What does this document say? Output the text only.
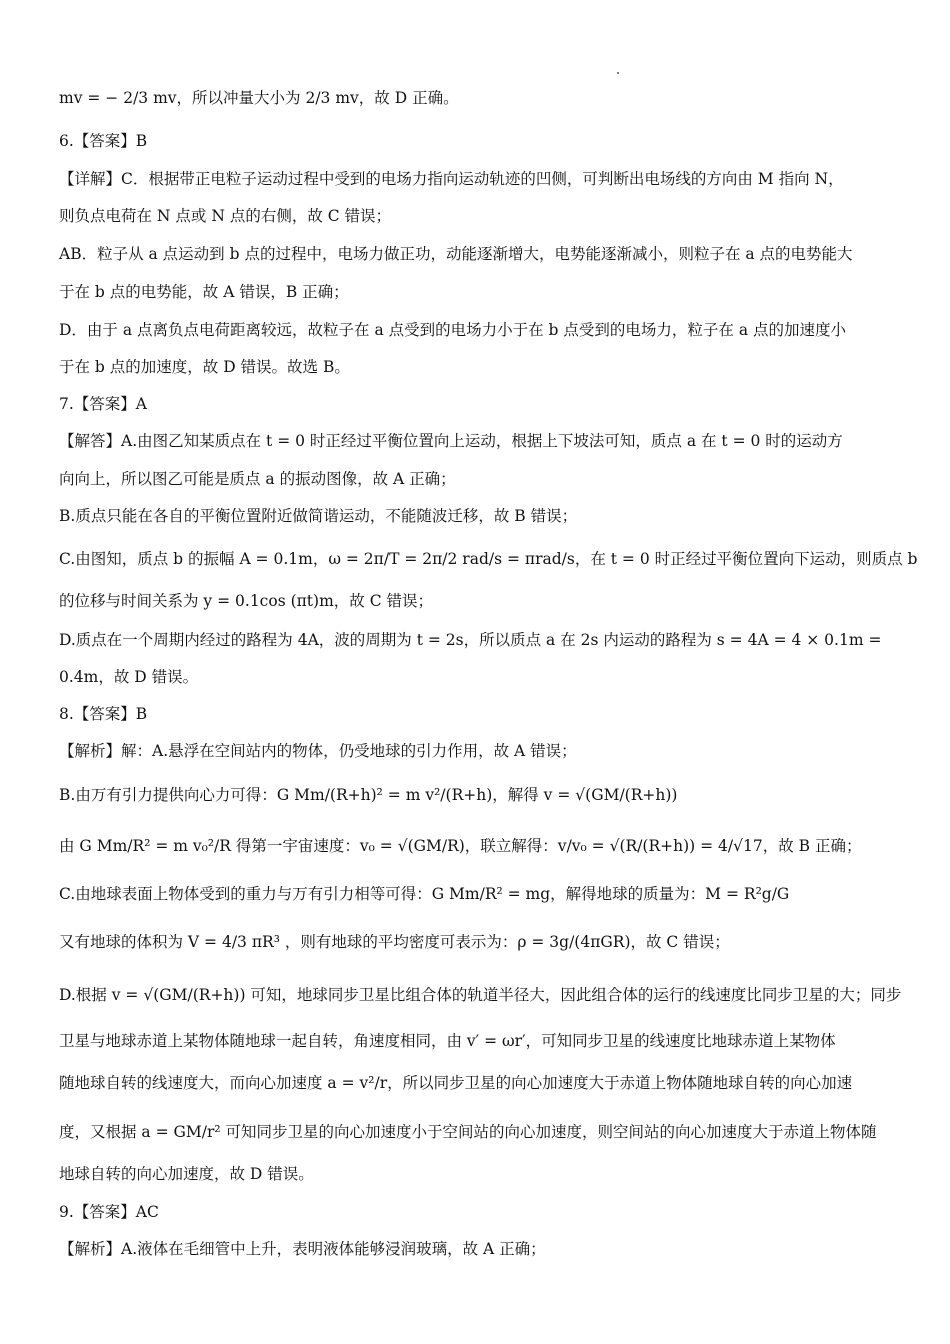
mv = − 2/3 mv，所以冲量大小为 2/3 mv，故 D 正确。
6.【答案】B
【详解】C．根据带正电粒子运动过程中受到的电场力指向运动轨迹的凹侧，可判断出电场线的方向由 M 指向 N，
则负点电荷在 N 点或 N 点的右侧，故 C 错误；
AB．粒子从 a 点运动到 b 点的过程中，电场力做正功，动能逐渐增大，电势能逐渐减小，则粒子在 a 点的电势能大
于在 b 点的电势能，故 A 错误，B 正确；
D．由于 a 点离负点电荷距离较远，故粒子在 a 点受到的电场力小于在 b 点受到的电场力，粒子在 a 点的加速度小
于在 b 点的加速度，故 D 错误。故选 B。
7.【答案】A
【解答】A.由图乙知某质点在 t = 0 时正经过平衡位置向上运动，根据上下坡法可知，质点 a 在 t = 0 时的运动方
向向上，所以图乙可能是质点 a 的振动图像，故 A 正确；
B.质点只能在各自的平衡位置附近做简谐运动，不能随波迁移，故 B 错误；
C.由图知，质点 b 的振幅 A = 0.1m，ω = 2π/T = 2π/2 rad/s = πrad/s，在 t = 0 时正经过平衡位置向下运动，则质点 b
的位移与时间关系为 y = 0.1cos (πt)m，故 C 错误；
D.质点在一个周期内经过的路程为 4A，波的周期为 t = 2s，所以质点 a 在 2s 内运动的路程为 s = 4A = 4 × 0.1m =
0.4m，故 D 错误。
8.【答案】B
【解析】解：A.悬浮在空间站内的物体，仍受地球的引力作用，故 A 错误；
B.由万有引力提供向心力可得：G Mm/(R+h)² = m v²/(R+h)，解得 v = √(GM/(R+h))
由 G Mm/R² = m v₀²/R 得第一宇宙速度：v₀ = √(GM/R)，联立解得：v/v₀ = √(R/(R+h)) = 4/√17，故 B 正确；
C.由地球表面上物体受到的重力与万有引力相等可得：G Mm/R² = mg，解得地球的质量为：M = R²g/G
又有地球的体积为 V = 4/3 πR³ ，则有地球的平均密度可表示为：ρ = 3g/(4πGR)，故 C 错误；
D.根据 v = √(GM/(R+h)) 可知，地球同步卫星比组合体的轨道半径大，因此组合体的运行的线速度比同步卫星的大；同步
卫星与地球赤道上某物体随地球一起自转，角速度相同，由 v′ = ωr′，可知同步卫星的线速度比地球赤道上某物体
随地球自转的线速度大，而向心加速度 a = v²/r，所以同步卫星的向心加速度大于赤道上物体随地球自转的向心加速
度，又根据 a = GM/r² 可知同步卫星的向心加速度小于空间站的向心加速度，则空间站的向心加速度大于赤道上物体随
地球自转的向心加速度，故 D 错误。
9.【答案】AC
【解析】A.液体在毛细管中上升，表明液体能够浸润玻璃，故 A 正确；
